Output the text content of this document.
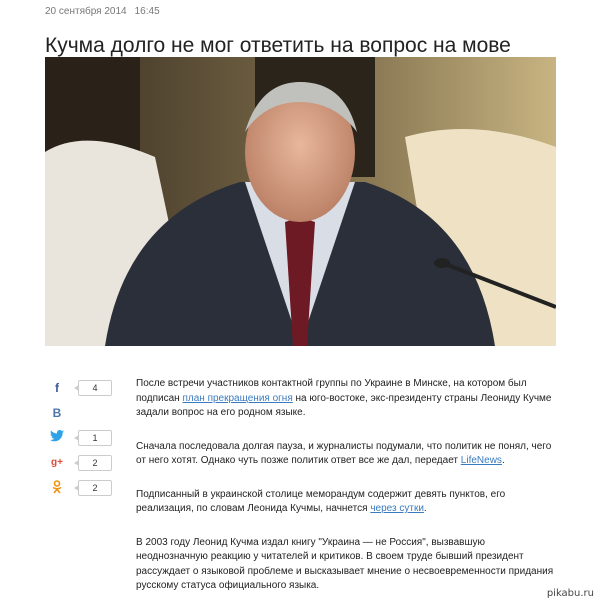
20 сентября 2014 16:45
Кучма долго не мог ответить на вопрос на мове
f	4
В
1
g+	2
2

После встречи участников контактной группы по Украине в Минске, на котором был подписан план прекращения огня на юго-востоке, экс-президенту страны Леониду Кучме задали вопрос на его родном языке.

Сначала последовала долгая пауза, и журналисты подумали, что политик не понял, чего от него хотят. Однако чуть позже политик ответ все же дал, передает LifeNews.

Подписанный в украинской столице меморандум содержит девять пунктов, его реализация, по словам Леонида Кучмы, начнется через сутки.

В 2003 году Леонид Кучма издал книгу "Украина — не Россия", вызвавшую неоднозначную реакцию у читателей и критиков. В своем труде бывший президент рассуждает о языковой проблеме и высказывает мнение о несвоевременности придания русскому статуса официального языка.

pikabu.ru
